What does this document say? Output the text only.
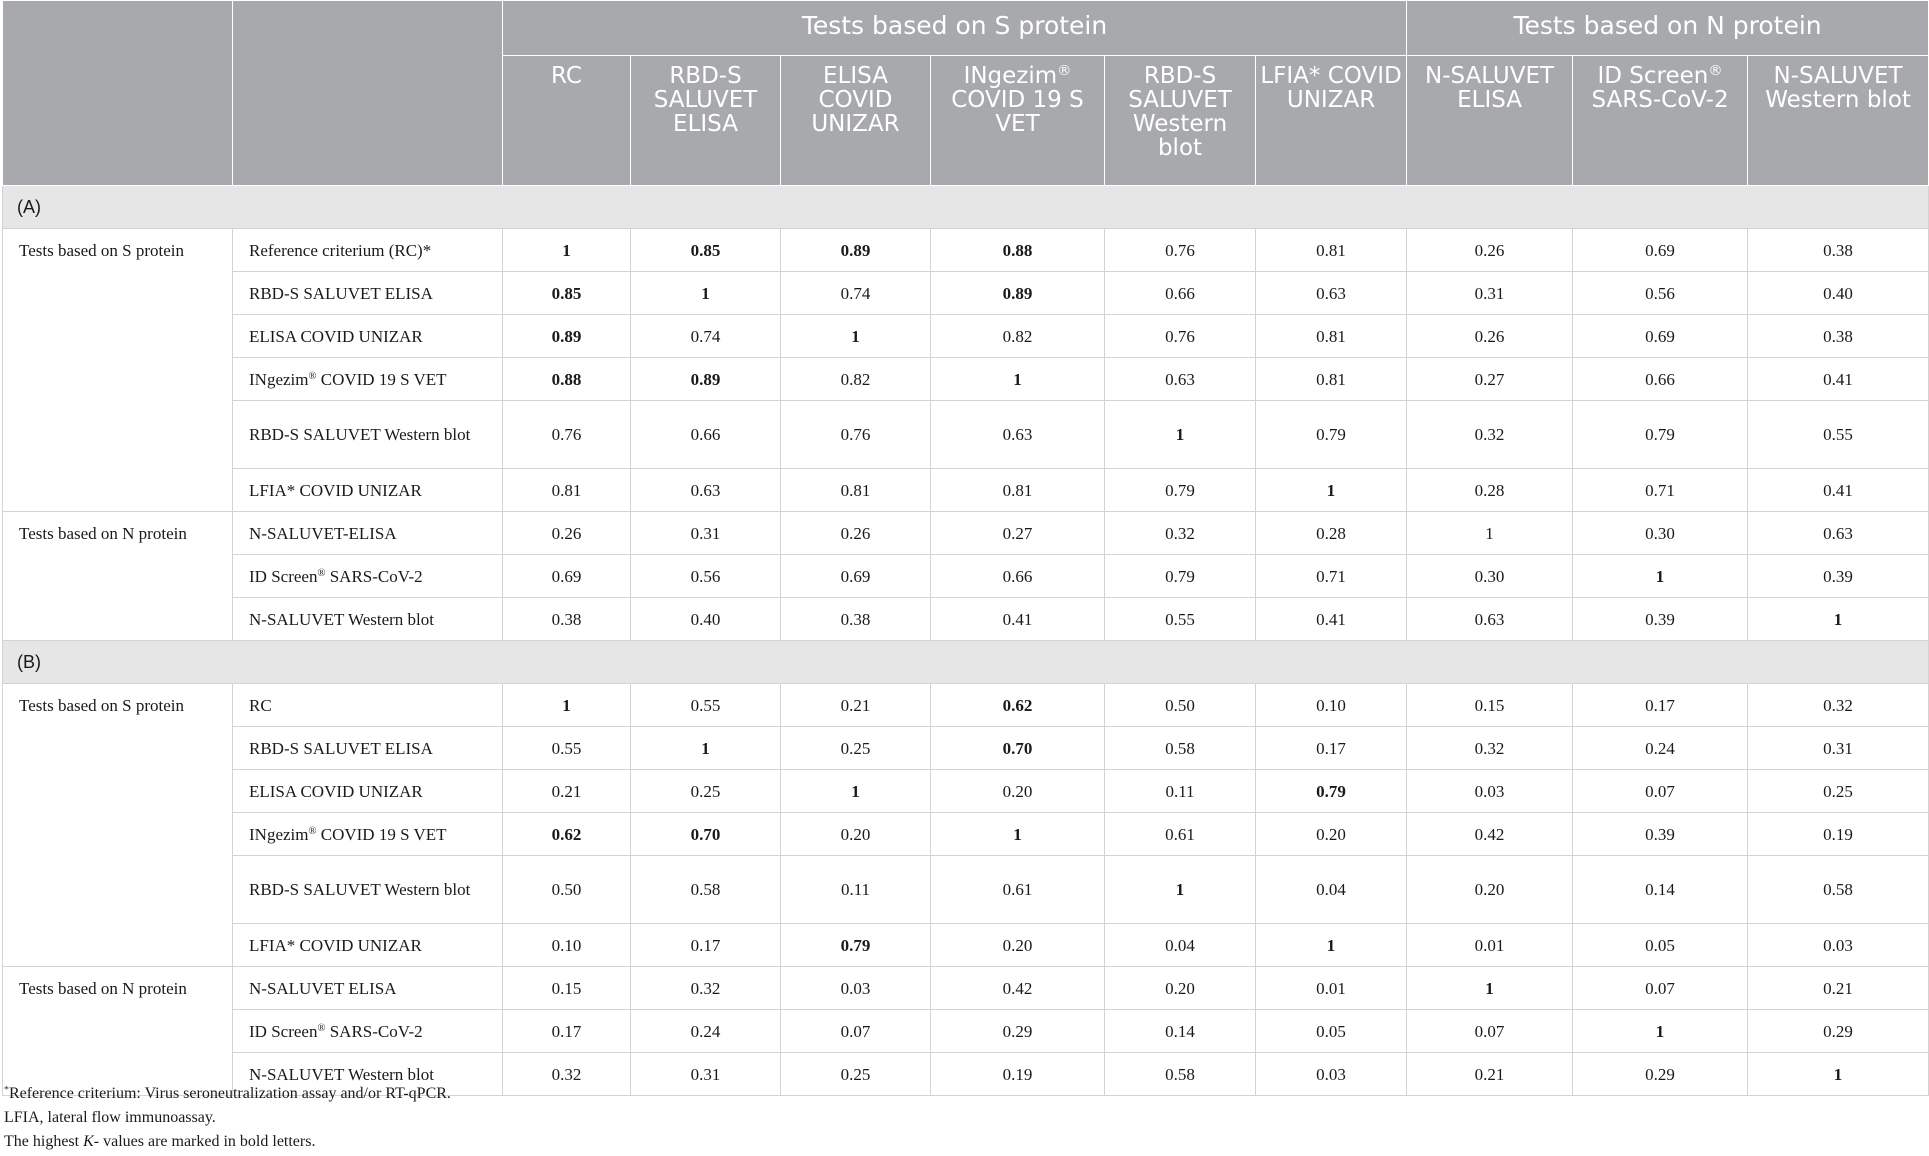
		Tests based on S protein						Tests based on N protein		
		RC	RBD-S SALUVET ELISA	ELISA COVID UNIZAR	INgezim® COVID 19 S VET	RBD-S SALUVET Western blot	LFIA* COVID UNIZAR	N-SALUVET ELISA	ID Screen® SARS-CoV-2	N-SALUVET Western blot
(A)										
Tests based on S protein	Reference criterium (RC)*	1	0.85	0.89	0.88	0.76	0.81	0.26	0.69	0.38
	RBD-S SALUVET ELISA	0.85	1	0.74	0.89	0.66	0.63	0.31	0.56	0.40
	ELISA COVID UNIZAR	0.89	0.74	1	0.82	0.76	0.81	0.26	0.69	0.38
	INgezim® COVID 19 S VET	0.88	0.89	0.82	1	0.63	0.81	0.27	0.66	0.41
	RBD-S SALUVET Western blot	0.76	0.66	0.76	0.63	1	0.79	0.32	0.79	0.55
	LFIA* COVID UNIZAR	0.81	0.63	0.81	0.81	0.79	1	0.28	0.71	0.41
Tests based on N protein	N-SALUVET-ELISA	0.26	0.31	0.26	0.27	0.32	0.28	1	0.30	0.63
	ID Screen® SARS-CoV-2	0.69	0.56	0.69	0.66	0.79	0.71	0.30	1	0.39
	N-SALUVET Western blot	0.38	0.40	0.38	0.41	0.55	0.41	0.63	0.39	1
(B)										
Tests based on S protein	RC	1	0.55	0.21	0.62	0.50	0.10	0.15	0.17	0.32
	RBD-S SALUVET ELISA	0.55	1	0.25	0.70	0.58	0.17	0.32	0.24	0.31
	ELISA COVID UNIZAR	0.21	0.25	1	0.20	0.11	0.79	0.03	0.07	0.25
	INgezim® COVID 19 S VET	0.62	0.70	0.20	1	0.61	0.20	0.42	0.39	0.19
	RBD-S SALUVET Western blot	0.50	0.58	0.11	0.61	1	0.04	0.20	0.14	0.58
	LFIA* COVID UNIZAR	0.10	0.17	0.79	0.20	0.04	1	0.01	0.05	0.03
Tests based on N protein	N-SALUVET ELISA	0.15	0.32	0.03	0.42	0.20	0.01	1	0.07	0.21
	ID Screen® SARS-CoV-2	0.17	0.24	0.07	0.29	0.14	0.05	0.07	1	0.29
	N-SALUVET Western blot	0.32	0.31	0.25	0.19	0.58	0.03	0.21	0.29	1
*Reference criterium: Virus seroneutralization assay and/or RT-qPCR.
LFIA, lateral flow immunoassay.
The highest K- values are marked in bold letters.
